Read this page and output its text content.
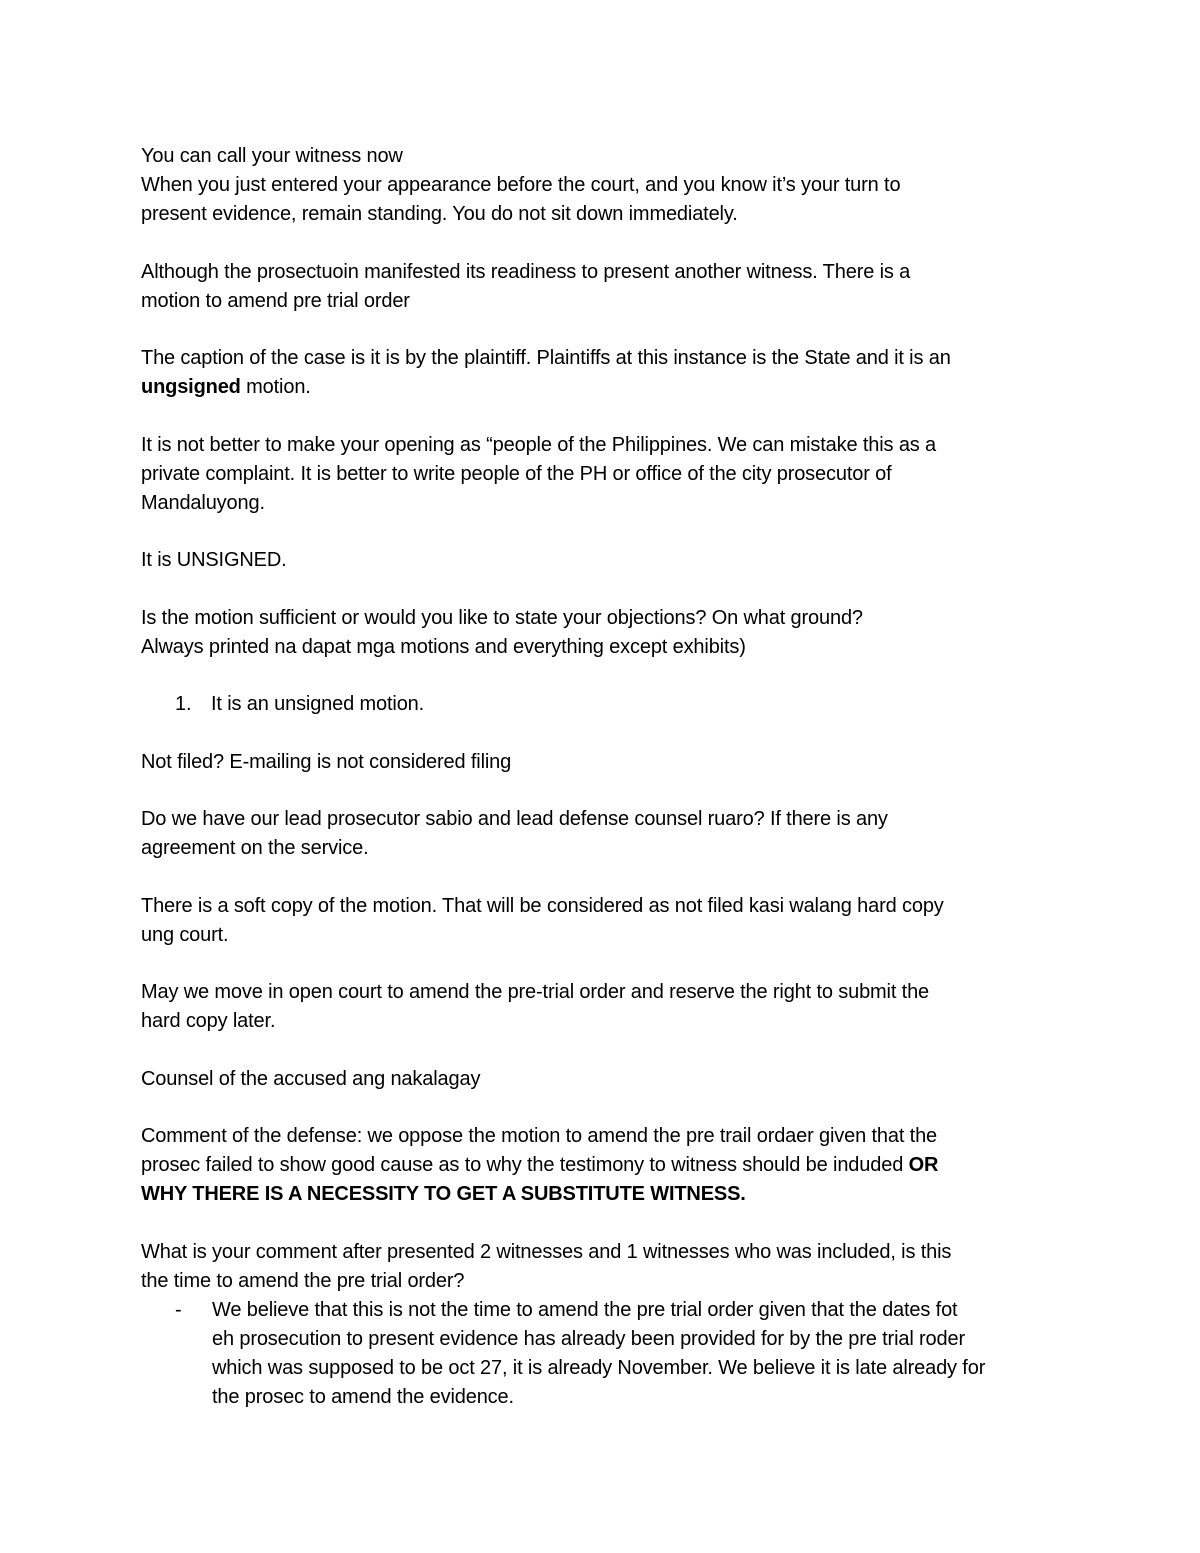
You can call your witness now
When you just entered your appearance before the court, and you know it’s your turn to
present evidence, remain standing. You do not sit down immediately.
Although the prosectuoin manifested its readiness to present another witness. There is a
motion to amend pre trial order
The caption of the case is it is by the plaintiff. Plaintiffs at this instance is the State and it is an
ungsigned motion.
It is not better to make your opening as “people of the Philippines. We can mistake this as a
private complaint. It is better to write people of the PH or office of the city prosecutor of
Mandaluyong.
It is UNSIGNED.
Is the motion sufficient or would you like to state your objections? On what ground?
Always printed na dapat mga motions and everything except exhibits)
1. It is an unsigned motion.
Not filed? E-mailing is not considered filing
Do we have our lead prosecutor sabio and lead defense counsel ruaro? If there is any
agreement on the service.
There is a soft copy of the motion. That will be considered as not filed kasi walang hard copy
ung court.
May we move in open court to amend the pre-trial order and reserve the right to submit the
hard copy later.
Counsel of the accused ang nakalagay
Comment of the defense: we oppose the motion to amend the pre trail ordaer given that the
prosec failed to show good cause as to why the testimony to witness should be induded OR
WHY THERE IS A NECESSITY TO GET A SUBSTITUTE WITNESS.
What is your comment after presented 2 witnesses and 1 witnesses who was included, is this
the time to amend the pre trial order?
- We believe that this is not the time to amend the pre trial order given that the dates fot
eh prosecution to present evidence has already been provided for by the pre trial roder
which was supposed to be oct 27, it is already November. We believe it is late already for
the prosec to amend the evidence.
